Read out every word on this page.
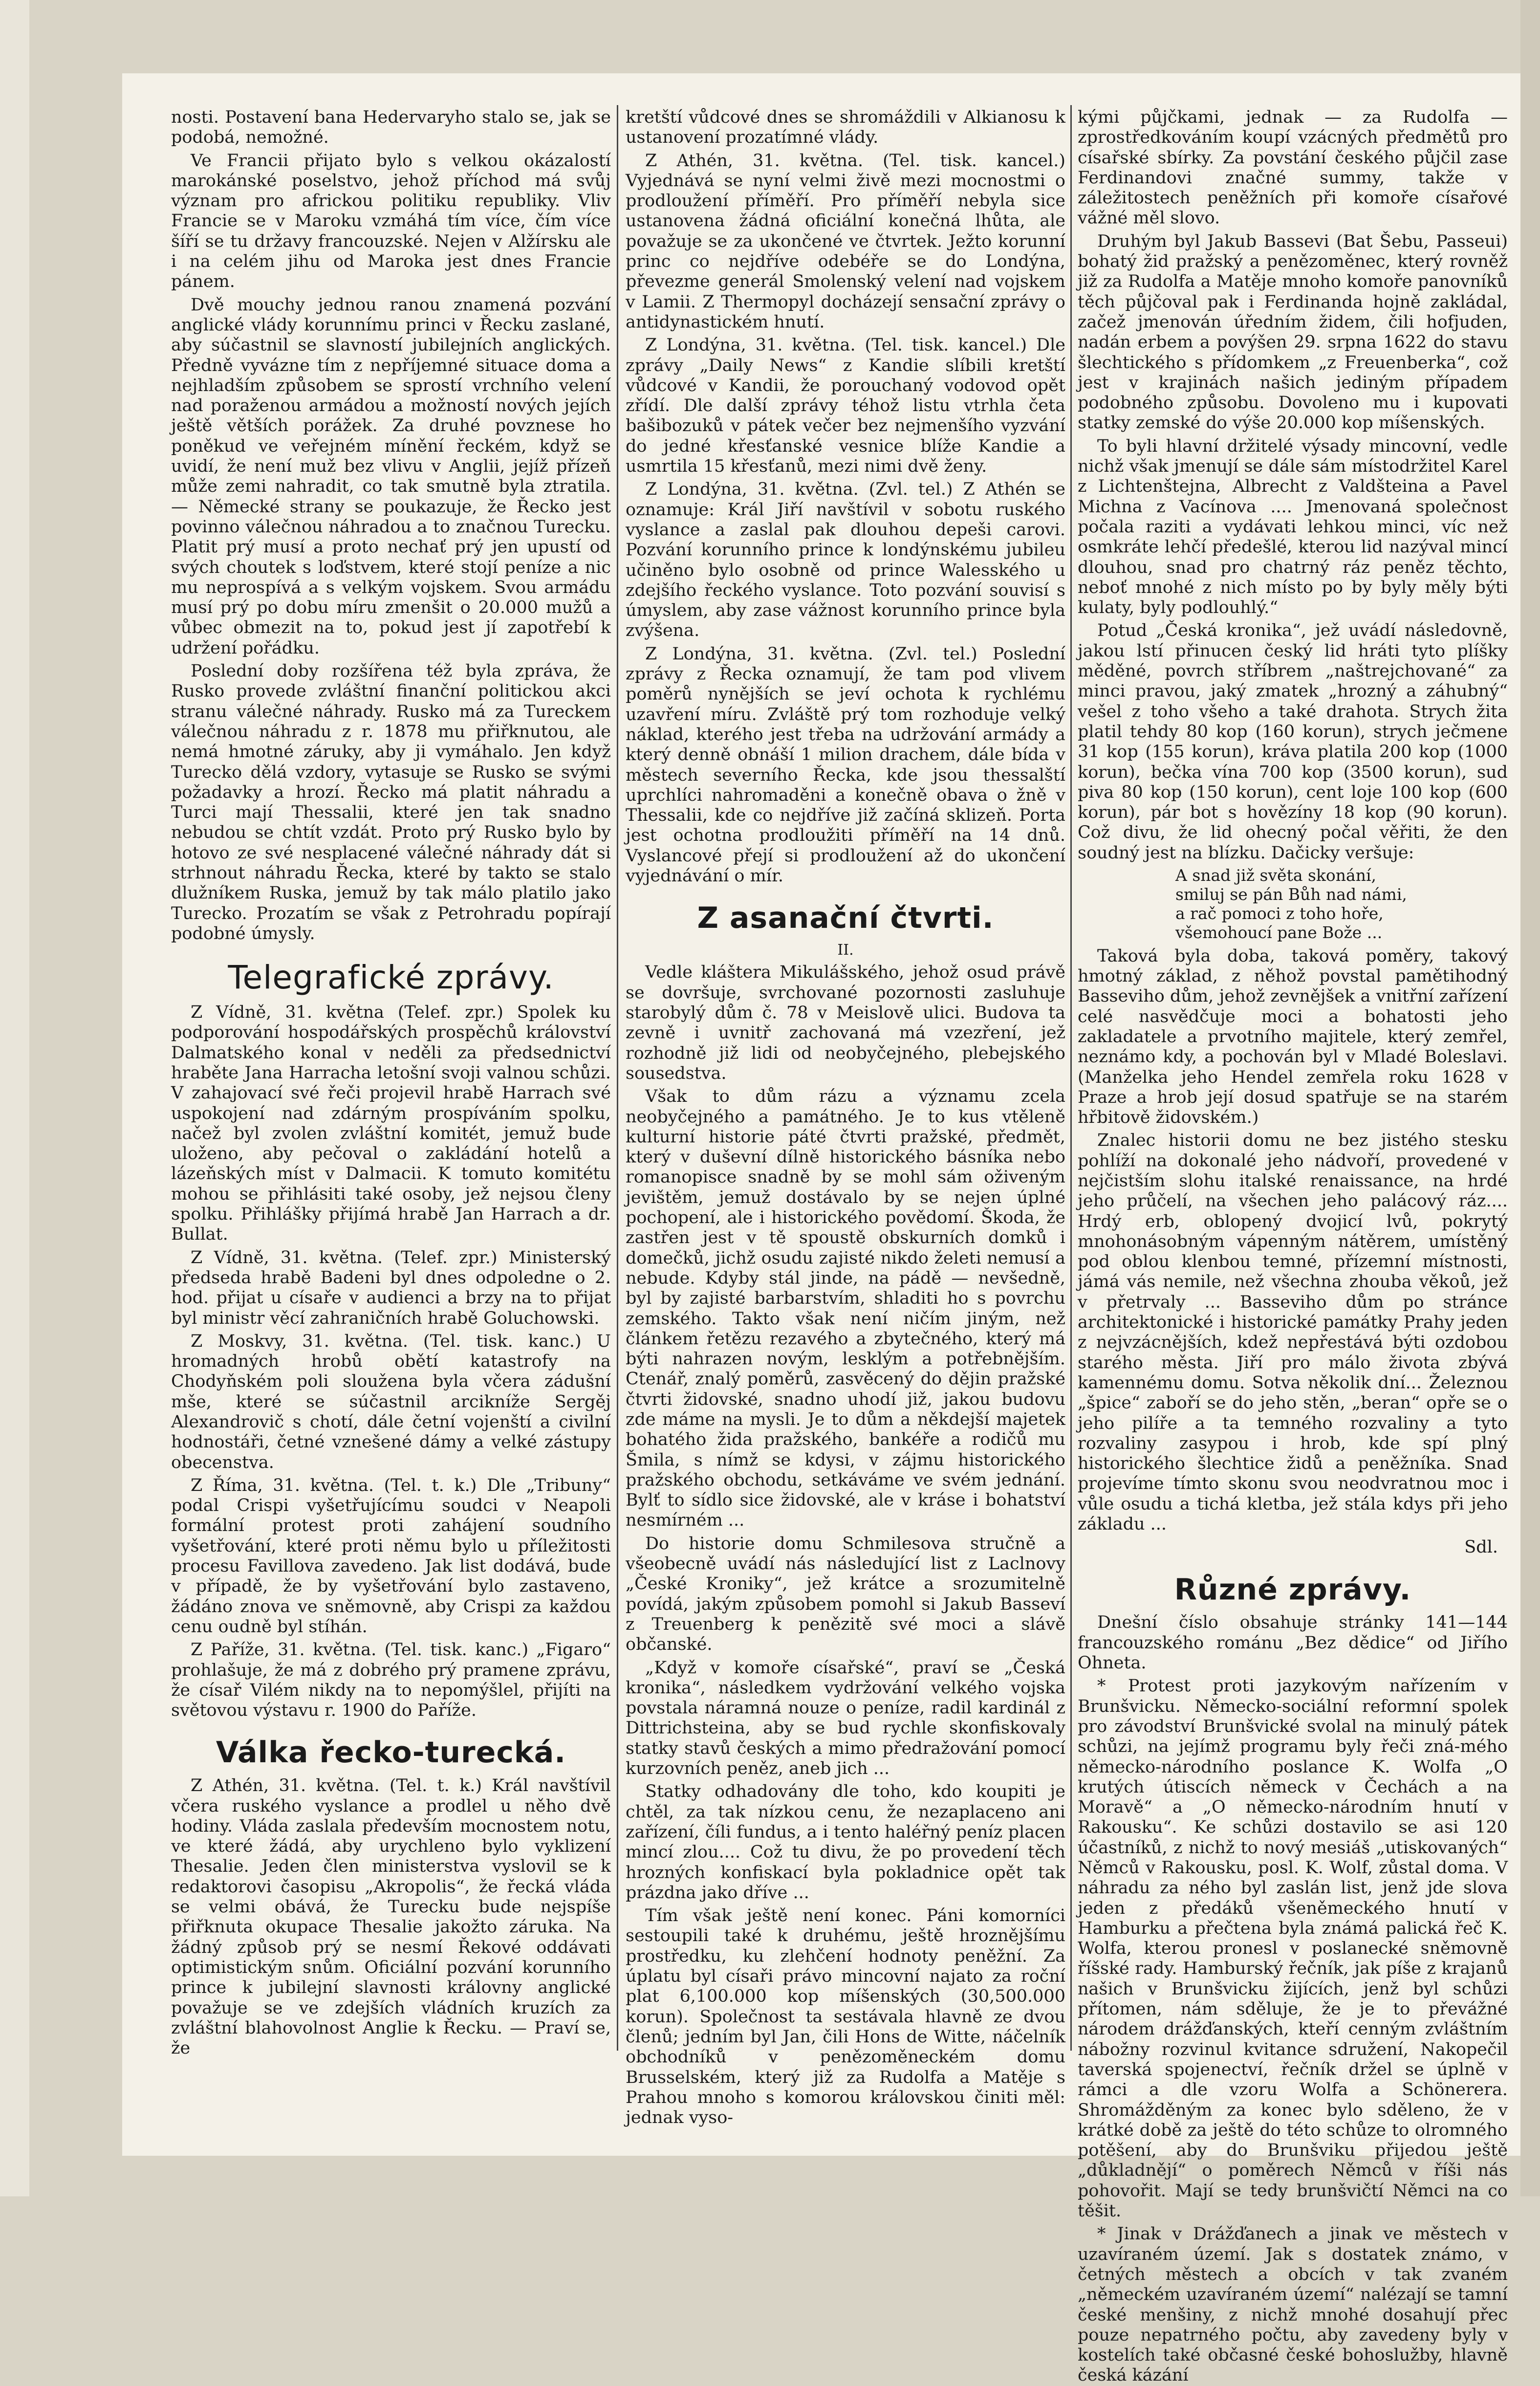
nosti. Postavení bana Hedervaryho stalo se, jak se podobá, nemožné.

Ve Francii přijato bylo s velkou okázalostí marokánské poselstvo, jehož příchod má svůj význam pro africkou politiku republiky. Vliv Francie se v Maroku vzmáhá tím více, čím více šíří se tu državy francouzské. Nejen v Alžírsku ale i na celém jihu od Maroka jest dnes Francie pánem.

Dvě mouchy jednou ranou znamená pozvání anglické vlády korunnímu princi v Řecku zaslané, aby súčastnil se slavností jubilejních anglických. Předně vyvázne tím z nepříjemné situace doma a nejhladším způsobem se sprostí vrchního velení nad poraženou armádou a možností nových jejích ještě větších porážek. Za druhé povznese ho poněkud ve veřejném mínění řeckém, když se uvidí, že není muž bez vlivu v Anglii, jejíž přízeň může zemi nahradit, co tak smutně byla ztratila. — Německé strany se poukazuje, že Řecko jest povinno válečnou náhradou a to značnou Turecku. Platit prý musí a proto nechať prý jen upustí od svých choutek s loďstvem, které stojí peníze a nic mu neprospívá a s velkým vojskem. Svou armádu musí prý po dobu míru zmenšit o 20.000 mužů a vůbec obmezit na to, pokud jest jí zapotřebí k udržení pořádku.

Poslední doby rozšířena též byla zpráva, že Rusko provede zvláštní finanční politickou akci stranu válečné náhrady. Rusko má za Tureckem válečnou náhradu z r. 1878 mu přiřknutou, ale nemá hmotné záruky, aby ji vymáhalo. Jen když Turecko dělá vzdory, vytasuje se Rusko se svými požadavky a hrozí. Řecko má platit náhradu a Turci mají Thessalii, které jen tak snadno nebudou se chtít vzdát. Proto prý Rusko bylo by hotovo ze své nesplacené válečné náhrady dát si strhnout náhradu Řecka, které by takto se stalo dlužníkem Ruska, jemuž by tak málo platilo jako Turecko. Prozatím se však z Petrohradu popírají podobné úmysly.

Telegrafické zprávy.

Z Vídně, 31. května (Telef. zpr.) Spolek ku podporování hospodářských prospěchů království Dalmatského konal v neděli za předsednictví hraběte Jana Harracha letošní svoji valnou schůzi. V zahajovací své řeči projevil hrabě Harrach své uspokojení nad zdárným prospíváním spolku, načež byl zvolen zvláštní komitét, jemuž bude uloženo, aby pečoval o zakládání hotelů a lázeňských míst v Dalmacii. K tomuto komitétu mohou se přihlásiti také osoby, jež nejsou členy spolku. Přihlášky přijímá hrabě Jan Harrach a dr. Bullat.

Z Vídně, 31. května. (Telef. zpr.) Ministerský předseda hrabě Badeni byl dnes odpoledne o 2. hod. přijat u císaře v audienci a brzy na to přijat byl ministr věcí zahraničních hrabě Goluchowski.

Z Moskvy, 31. května. (Tel. tisk. kanc.) U hromadných hrobů obětí katastrofy na Chodyňském poli sloužena byla včera zádušní mše, které se súčastnil arcikníže Sergěj Alexandrovič s chotí, dále četní vojenští a civilní hodnostáři, četné vznešené dámy a velké zástupy obecenstva.

Z Říma, 31. května. (Tel. t. k.) Dle „Tribuny“ podal Crispi vyšetřujícímu soudci v Neapoli formální protest proti zahájení soudního vyšetřování, které proti němu bylo u příležitosti procesu Favillova zavedeno. Jak list dodává, bude v případě, že by vyšetřování bylo zastaveno, žádáno znova ve sněmovně, aby Crispi za každou cenu oudně byl stíhán.

Z Paříže, 31. května. (Tel. tisk. kanc.) „Figaro“ prohlašuje, že má z dobrého prý pramene zprávu, že císař Vilém nikdy na to nepomýšlel, přijíti na světovou výstavu r. 1900 do Paříže.

Válka řecko-turecká.

Z Athén, 31. května. (Tel. t. k.) Král navštívil včera ruského vyslance a prodlel u něho dvě hodiny. Vláda zaslala především mocnostem notu, ve které žádá, aby urychleno bylo vyklizení Thesalie. Jeden člen ministerstva vyslovil se k redaktorovi časopisu „Akropolis“, že řecká vláda se velmi obává, že Turecku bude nejspíše přiřknuta okupace Thesalie jakožto záruka. Na žádný způsob prý se nesmí Řekové oddávati optimistickým snům. Oficiální pozvání korunního prince k jubilejní slavnosti královny anglické považuje se ve zdejších vládních kruzích za zvláštní blahovolnost Anglie k Řecku. — Praví se, že

kretští vůdcové dnes se shromáždili v Alkianosu k ustanovení prozatímné vlády.

Z Athén, 31. května. (Tel. tisk. kancel.) Vyjednává se nyní velmi živě mezi mocnostmi o prodloužení příměří. Pro příměří nebyla sice ustanovena žádná oficiální konečná lhůta, ale považuje se za ukončené ve čtvrtek. Ježto korunní princ co nejdříve odebéře se do Londýna, převezme generál Smolenský velení nad vojskem v Lamii. Z Thermopyl docházejí sensační zprávy o antidynastickém hnutí.

Z Londýna, 31. května. (Tel. tisk. kancel.) Dle zprávy „Daily News“ z Kandie slíbili kretští vůdcové v Kandii, že porouchaný vodovod opět zřídí. Dle další zprávy téhož listu vtrhla četa bašibozuků v pátek večer bez nejmenšího vyzvání do jedné křesťanské vesnice blíže Kandie a usmrtila 15 křesťanů, mezi nimi dvě ženy.

Z Londýna, 31. května. (Zvl. tel.) Z Athén se oznamuje: Král Jiří navštívil v sobotu ruského vyslance a zaslal pak dlouhou depeši carovi. Pozvání korunního prince k londýnskému jubileu učiněno bylo osobně od prince Walesského u zdejšího řeckého vyslance. Toto pozvání souvisí s úmyslem, aby zase vážnost korunního prince byla zvýšena.

Z Londýna, 31. května. (Zvl. tel.) Poslední zprávy z Řecka oznamují, že tam pod vlivem poměrů nynějších se jeví ochota k rychlému uzavření míru. Zvláště prý tom rozhoduje velký náklad, kterého jest třeba na udržování armády a který denně obnáší 1 milion drachem, dále bída v městech severního Řecka, kde jsou thessalští uprchlíci nahromaděni a konečně obava o žně v Thessalii, kde co nejdříve již začíná sklizeň. Porta jest ochotna prodloužiti příměří na 14 dnů. Vyslancové přejí si prodloužení až do ukončení vyjednávání o mír.

Z asanační čtvrti.
II.

Vedle kláštera Mikulášského, jehož osud právě se dovršuje, svrchované pozornosti zasluhuje starobylý dům č. 78 v Meislově ulici. Budova ta zevně i uvnitř zachovaná má vzezření, jež rozhodně již lidi od neobyčejného, plebejského sousedstva.

Však to dům rázu a významu zcela neobyčejného a památného. Je to kus vtěleně kulturní historie páté čtvrti pražské, předmět, který v duševní dílně historického básníka nebo romanopisce snadně by se mohl sám oživeným jevištěm, jemuž dostávalo by se nejen úplné pochopení, ale i historického povědomí. Škoda, že zastřen jest v tě spoustě obskurních domků i domečků, jichž osudu zajisté nikdo želeti nemusí a nebude. Kdyby stál jinde, na pádě — nevšedně, byl by zajisté barbarstvím, shladiti ho s povrchu zemského. Takto však není ničím jiným, než článkem řetězu rezavého a zbytečného, který má býti nahrazen novým, lesklým a potřebnějším. Ctenář, znalý poměrů, zasvěcený do dějin pražské čtvrti židovské, snadno uhodí již, jakou budovu zde máme na mysli. Je to dům a někdejší majetek bohatého žida pražského, bankéře a rodičů mu Šmila, s nímž se kdysi, v zájmu historického pražského obchodu, setkáváme ve svém jednání. Bylť to sídlo sice židovské, ale v kráse i bohatství nesmírném ...

Do historie domu Schmilesova stručně a všeobecně uvádí nás následující list z Laclnovy „České Kroniky“, jež krátce a srozumitelně povídá, jakým způsobem pomohl si Jakub Basseví z Treuenberg k penězitě své moci a slávě občanské.

„Když v komoře císařské“, praví se „Česká kronika“, následkem vydržování velkého vojska povstala náramná nouze o peníze, radil kardinál z Dittrichsteina, aby se bud rychle skonfiskovaly statky stavů českých a mimo předražování pomocí kurzovních peněz, aneb jich ...

Statky odhadovány dle toho, kdo koupiti je chtěl, za tak nízkou cenu, že nezaplaceno ani zařízení, číli fundus, a i tento haléřný peníz placen mincí zlou.... Což tu divu, že po provedení těch hrozných konfiskací byla pokladnice opět tak prázdna jako dříve ...

Tím však ještě není konec. Páni komorníci sestoupili také k druhému, ještě hroznějšímu prostředku, ku zlehčení hodnoty peněžní. Za úplatu byl císaři právo mincovní najato za roční plat 6,100.000 kop míšenských (30,500.000 korun). Společnost ta sestávala hlavně ze dvou členů; jedním byl Jan, čili Hons de Witte, náčelník obchodníků v penězoměneckém domu Brusselském, který již za Rudolfa a Matěje s Prahou mnoho s komorou královskou činiti měl: jednak vyso-

kými půjčkami, jednak — za Rudolfa — zprostředkováním koupí vzácných předmětů pro císařské sbírky. Za povstání českého půjčil zase Ferdinandovi značné summy, takže v záležitostech peněžních při komoře císařové vážné měl slovo.

Druhým byl Jakub Bassevi (Bat Šebu, Passeui) bohatý žid pražský a penězoměnec, který rovněž již za Rudolfa a Matěje mnoho komoře panovníků těch půjčoval pak i Ferdinanda hojně zakládal, začež jmenován úředním židem, čili hofjuden, nadán erbem a povýšen 29. srpna 1622 do stavu šlechtického s přídomkem „z Freuenberka“, což jest v krajinách našich jediným případem podobného způsobu. Dovoleno mu i kupovati statky zemské do výše 20.000 kop míšenských.

To byli hlavní držitelé výsady mincovní, vedle nichž však jmenují se dále sám místodržitel Karel z Lichtenštejna, Albrecht z Valdšteina a Pavel Michna z Vacínova .... Jmenovaná společnost počala raziti a vydávati lehkou minci, víc než osmkráte lehčí předešlé, kterou lid nazýval mincí dlouhou, snad pro chatrný ráz peněz těchto, neboť mnohé z nich místo po by byly měly býti kulaty, byly podlouhlý.“

Potud „Česká kronika“, jež uvádí následovně, jakou lstí přinucen český lid hráti tyto plíšky měděné, povrch stříbrem „naštrejchované“ za minci pravou, jaký zmatek „hrozný a záhubný“ vešel z toho všeho a také drahota. Strych žita platil tehdy 80 kop (160 korun), strych ječmene 31 kop (155 korun), kráva platila 200 kop (1000 korun), bečka vína 700 kop (3500 korun), sud piva 80 kop (150 korun), cent loje 100 kop (600 korun), pár bot s hovězíny 18 kop (90 korun). Což divu, že lid ohecný počal věřiti, že den soudný jest na blízku. Dačicky veršuje:

A snad již světa skonání,
smiluj se pán Bůh nad námi,
a rač pomoci z toho hoře,
všemohoucí pane Bože ...

Taková byla doba, taková poměry, takový hmotný základ, z něhož povstal pamětihodný Basseviho dům, jehož zevnějšek a vnitřní zařízení celé nasvědčuje moci a bohatosti jeho zakladatele a prvotního majitele, který zemřel, neznámo kdy, a pochován byl v Mladé Boleslavi. (Manželka jeho Hendel zemřela roku 1628 v Praze a hrob její dosud spatřuje se na starém hřbitově židovském.)

Znalec historii domu ne bez jistého stesku pohlíží na dokonalé jeho nádvoří, provedené v nejčistším slohu italské renaissance, na hrdé jeho průčelí, na všechen jeho palácový ráz.... Hrdý erb, oblopený dvojicí lvů, pokrytý mnohonásobným vápenným nátěrem, umístěný pod oblou klenbou temné, přízemní místnosti, jámá vás nemile, než všechna zhouba věkoů, jež v přetrvaly ... Basseviho dům po stránce architektonické i historické památky Prahy jeden z nejvzácnějších, kdež nepřestává býti ozdobou starého města. Jiří pro málo života zbývá kamennému domu. Sotva několik dní... Železnou „špice“ zaboří se do jeho stěn, „beran“ opře se o jeho pilíře a ta temného rozvaliny a tyto rozvaliny zasypou i hrob, kde spí plný historického šlechtice židů a peněžníka. Snad projevíme tímto skonu svou neodvratnou moc i vůle osudu a tichá kletba, jež stála kdys při jeho základu ...

Sdl.
Různé zprávy.

Dnešní číslo obsahuje stránky 141—144 francouzského románu „Bez dědice“ od Jiřího Ohneta.

* Protest proti jazykovým nařízením v Brunšvicku. Německo-sociální reformní spolek pro závodství Brunšvické svolal na minulý pátek schůzi, na jejímž programu byly řeči zná-mého německo-národního poslance K. Wolfa „O krutých útiscích německ v Čechách a na Moravě“ a „O německo-národním hnutí v Rakousku“. Ke schůzi dostavilo se asi 120 účastníků, z nichž to nový mesiáš „utiskovaných“ Němců v Rakousku, posl. K. Wolf, zůstal doma. V náhradu za ného byl zaslán list, jenž jde slova jeden z předáků všeněmeckého hnutí v Hamburku a přečtena byla známá palická řeč K. Wolfa, kterou pronesl v poslanecké sněmovně říšské rady. Hamburský řečník, jak píše z krajanů našich v Brunšvicku žijících, jenž byl schůzi přítomen, nám sděluje, že je to převážné národem drážďanských, kteří cenným zvláštním nábožny rozvinul kvitance sdružení, Nakopečil taverská spojenectví, řečník držel se úplně v rámci a dle vzoru Wolfa a Schönerera. Shromážděným za konec bylo sděleno, že v krátké době za ještě do této schůze to olromného potěšení, aby do Brunšviku přijedou ještě „důkladnějí“ o poměrech Němců v říši nás pohovořit. Mají se tedy brunšvičtí Němci na co těšit.

* Jinak v Drážďanech a jinak ve městech v uzavíraném území. Jak s dostatek známo, v četných městech a obcích v tak zvaném „německém uzavíraném území“ nalézají se tamní české menšiny, z nichž mnohé dosahují přec pouze nepatrného počtu, aby zavedeny byly v kostelích také občasné české bohoslužby, hlavně česká kázání
